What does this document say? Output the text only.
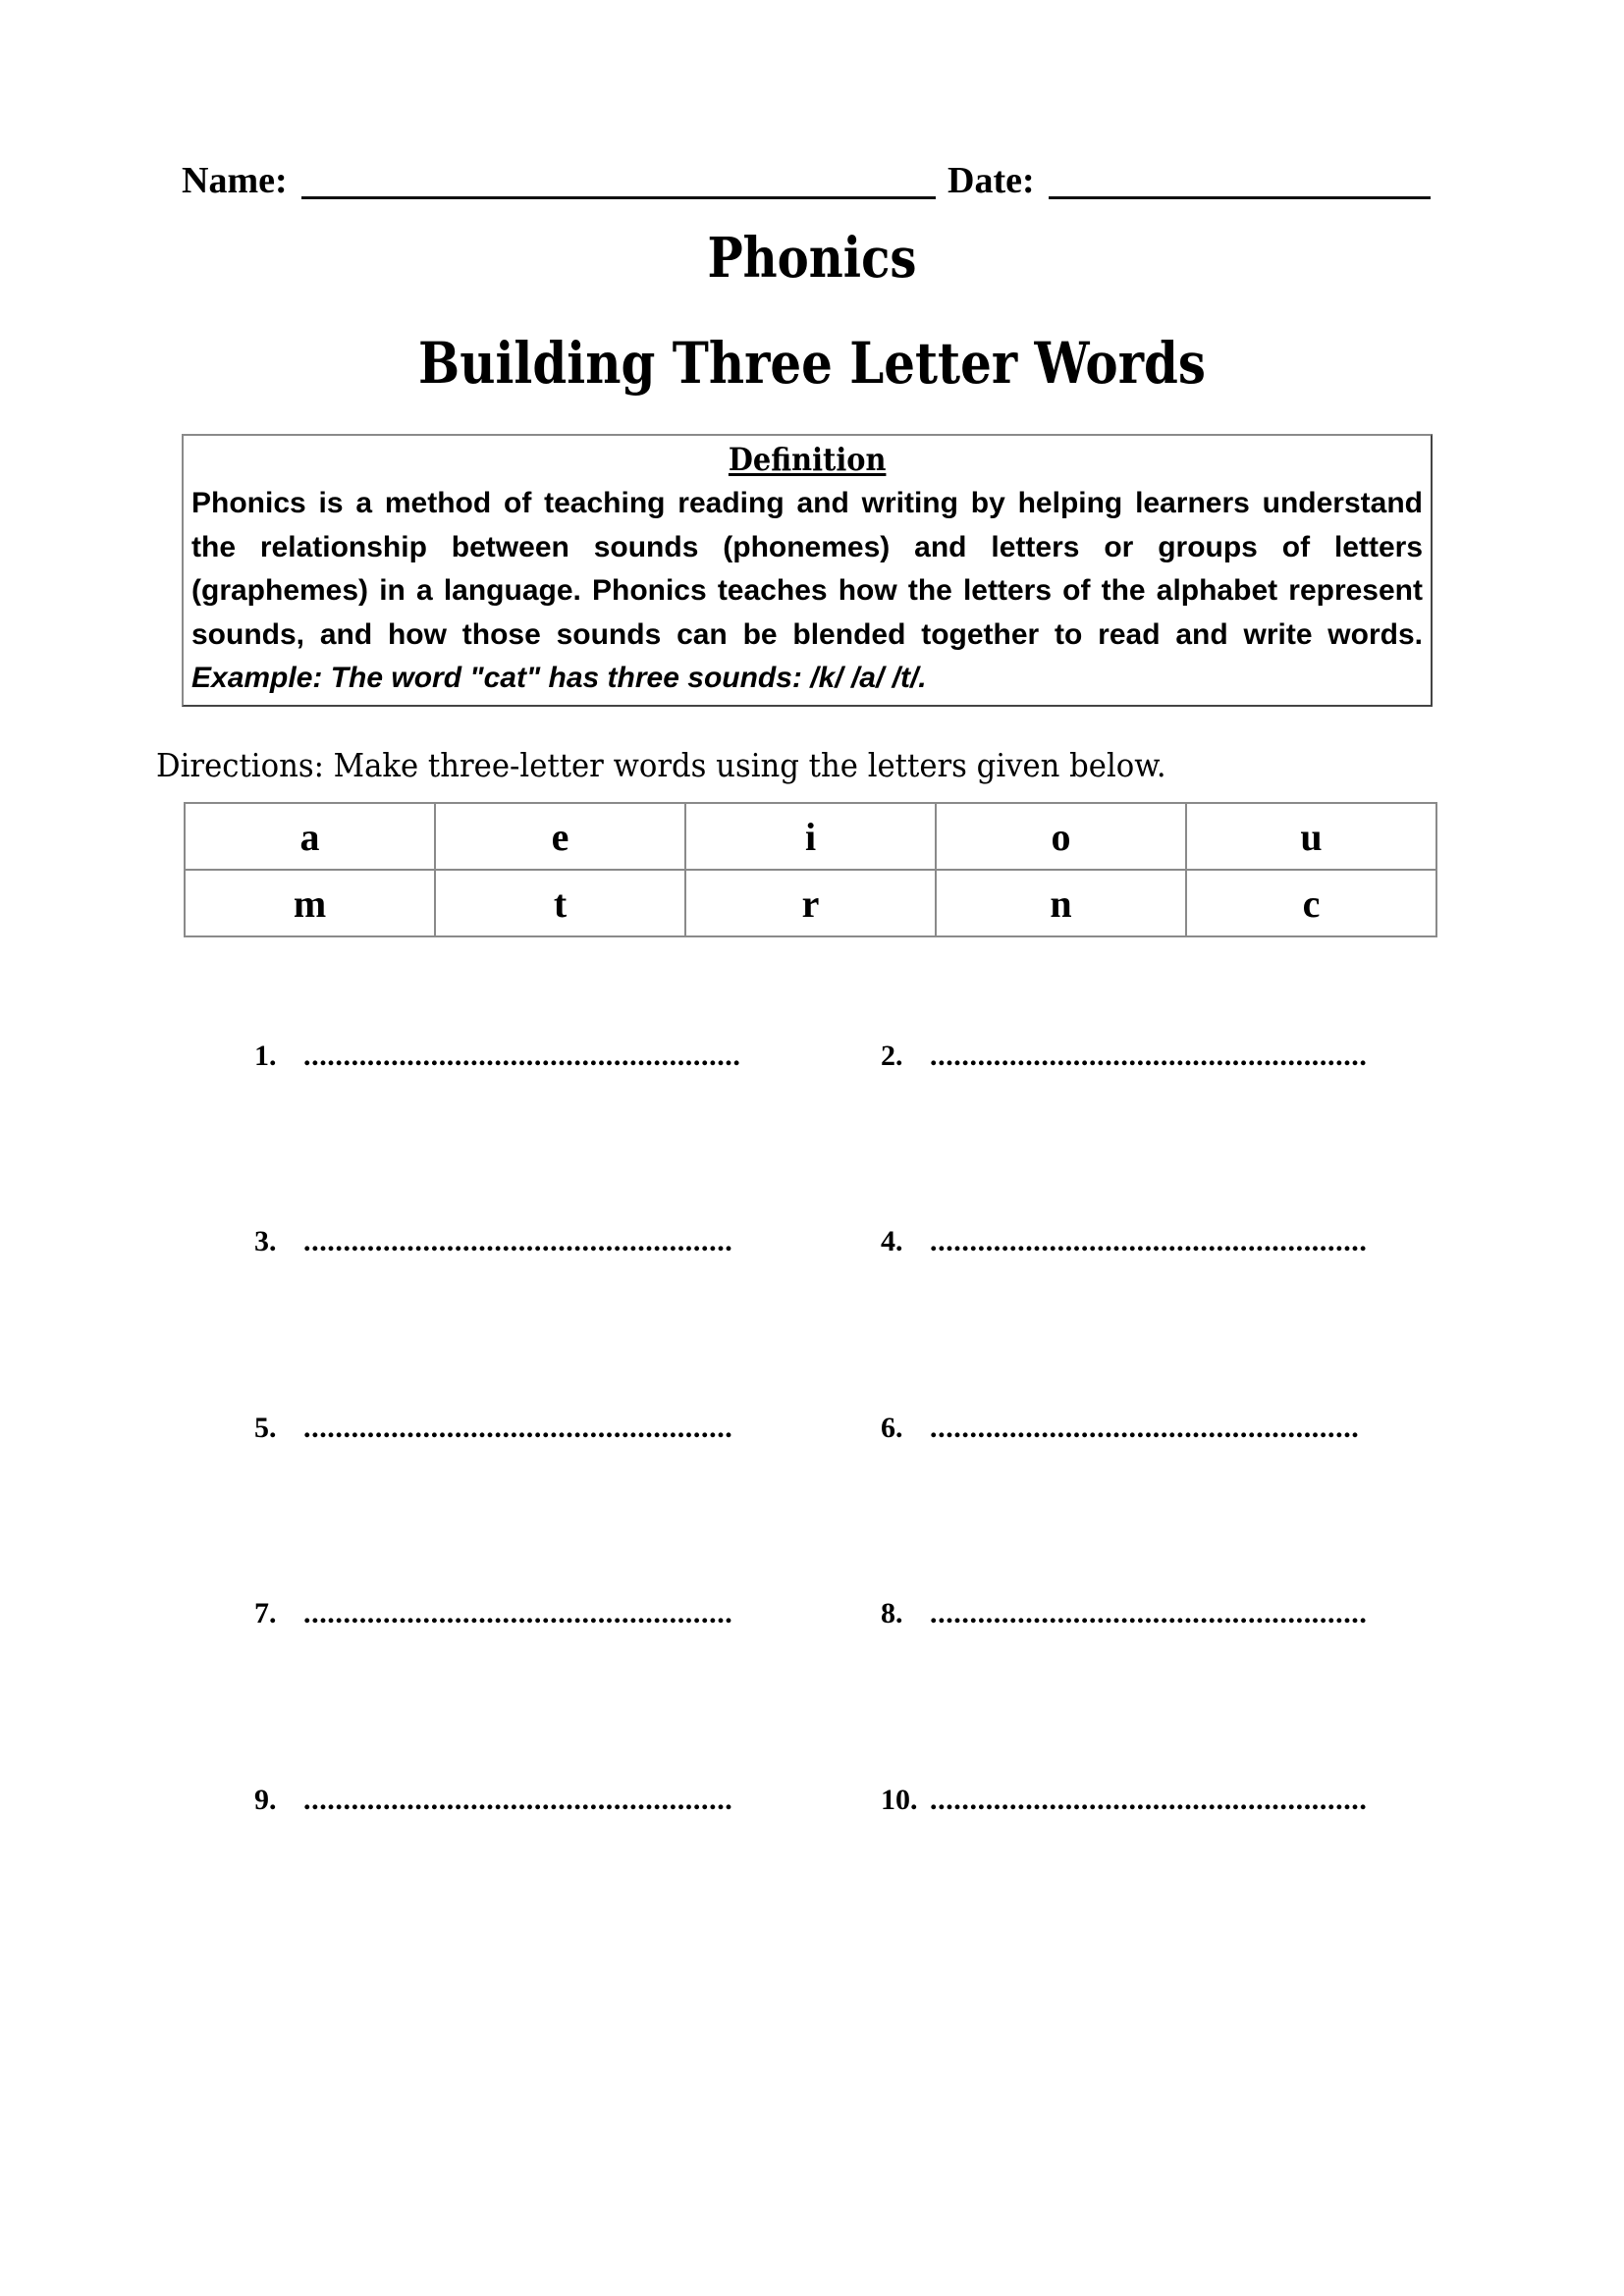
Name:	Date:
Phonics
Building Three Letter Words
Definition
Phonics is a method of teaching reading and writing by helping learners understand
the relationship between sounds (phonemes) and letters or groups of letters
(graphemes) in a language. Phonics teaches how the letters of the alphabet represent
sounds, and how those sounds can be blended together to read and write words.
Example: The word "cat" has three sounds: /k/ /a/ /t/.
Directions: Make three-letter words using the letters given below.
a	e	i	o	u
m	t	r	n	c
1. .......................................................	2. .......................................................
3. ......................................................	4. .......................................................
5. ......................................................	6. ......................................................
7. ......................................................	8. .......................................................
9. ......................................................	10. .......................................................
